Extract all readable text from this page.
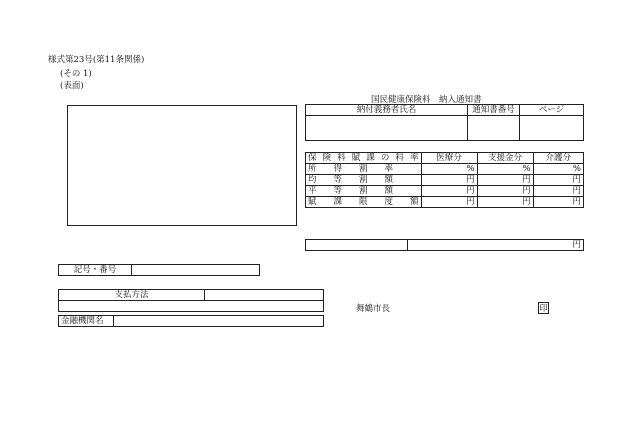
様式第23号(第11条関係)
(その 1)
(表面)
国民健康保険料　納入通知書
納付義務者氏名	通知書番号	ページ

保 険 料 賦 課 の 料 率	医療分	支援金分	介護分
所　　得　　割　　率	%	%	%
均　　等　　割　　額	円	円	円
平　　等　　割　　額	円	円	円
賦　　課　　限　　度　　額	円	円	円
	円
記号・番号	
支払方法	

金融機関名	
舞鶴市長	印
